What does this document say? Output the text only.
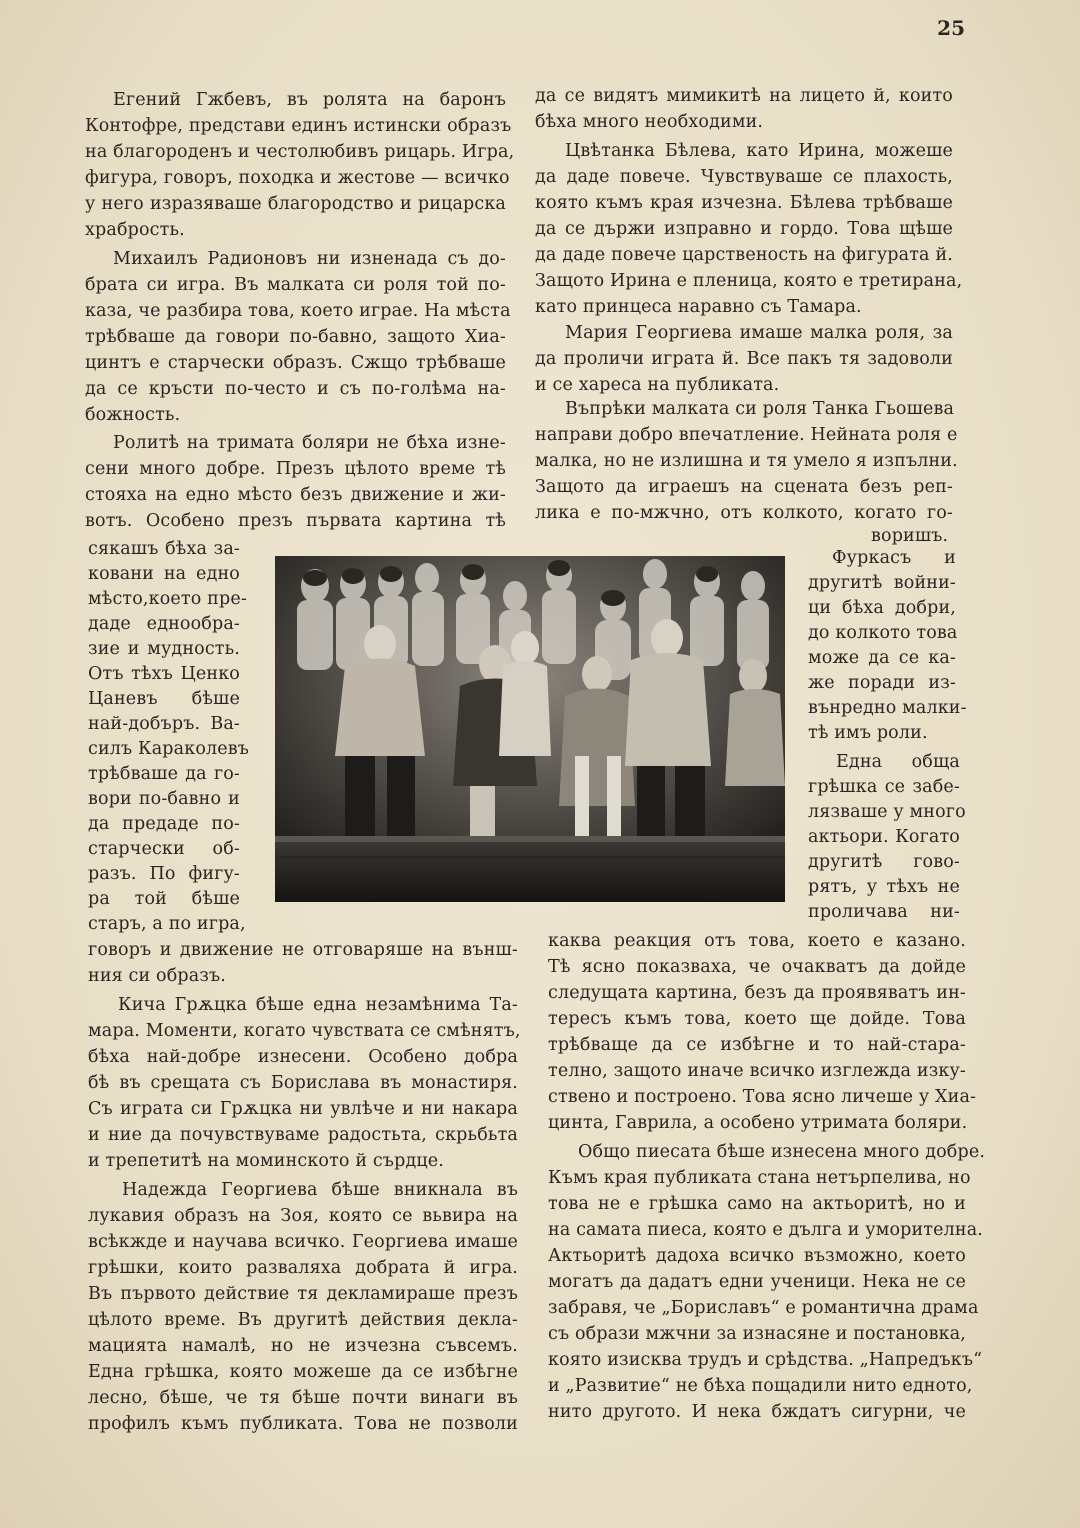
25
Егений Гжбевъ, въ ролята на баронъ
Контофре, представи единъ истински образъ
на благороденъ и честолюбивъ рицарь. Игра,
фигура, говоръ, походка и жестове — всичко
у него изразяваше благородство и рицарска
храбрость.
Михаилъ Радионовъ ни изненада съ до-
брата си игра. Въ малката си роля той по-
каза, че разбира това, което играе. На мѣста
трѣбваше да говори по-бавно, защото Хиа-
цинтъ е старчески образъ. Сжщо трѣбваше
да се кръсти по-често и съ по-голѣма на-
божность.
Ролитѣ на тримата боляри не бѣха изне-
сени много добре. Презъ цѣлото време тѣ
стояха на едно мѣсто безъ движение и жи-
вотъ. Особено презъ първата картина тѣ
сякашъ бѣха за-
ковани на едно
мѣсто,което пре-
даде еднообра-
зие и мудность.
Отъ тѣхъ Ценко
Цаневъ бѣше
най-добъръ. Ва-
силъ Караколевъ
трѣбваше да го-
вори по-бавно и
да предаде по-
старчески об-
разъ. По фигу-
ра той бѣше
старъ, а по игра,
говоръ и движение не отговаряше на външ-
ния си образъ.
Кича Грѫцка бѣше една незамѣнима Та-
мара. Моменти, когато чувствата се смѣнятъ,
бѣха най-добре изнесени. Особено добра
бѣ въ срещата съ Борислава въ монастиря.
Съ играта си Грѫцка ни увлѣче и ни накара
и ние да почувствуваме радостьта, скрьбьта
и трепетитѣ на моминското й сърдце.
Надежда Георгиева бѣше вникнала въ
лукавия образъ на Зоя, която се вьвира на
всѣкжде и научава всичко. Георгиева имаше
грѣшки, които разваляха добрата й игра.
Въ първото действие тя декламираше презъ
цѣлото време. Въ другитѣ действия декла-
мацията намалѣ, но не изчезна съвсемъ.
Една грѣшка, която можеше да се избѣгне
лесно, бѣше, че тя бѣше почти винаги въ
профилъ къмъ публиката. Това не позволи
да се видятъ мимикитѣ на лицето й, които
бѣха много необходими.
Цвѣтанка Бѣлева, като Ирина, можеше
да даде повече. Чувствуваше се плахость,
която къмъ края изчезна. Бѣлева трѣбваше
да се държи изправно и гордо. Това щѣше
да даде повече царственость на фигурата й.
Защото Ирина е пленица, която е третирана,
като принцеса наравно съ Тамара.
Мария Георгиева имаше малка роля, за
да проличи играта й. Все пакъ тя задоволи
и се хареса на публиката.
Въпрѣки малката си роля Танка Гьошева
направи добро впечатление. Нейната роля е
малка, но не излишна и тя умело я изпълни.
Защото да играешъ на сцената безъ реп-
лика е по-мжчно, отъ колкото, когато го-
воришъ.
Фуркасъ и
другитѣ войни-
ци бѣха добри,
до колкото това
може да се ка-
же поради из-
вънредно малки-
тѣ имъ роли.
Една обща
грѣшка се забе-
лязваше у много
актьори. Когато
другитѣ гово-
рятъ, у тѣхъ не
проличава ни-
каква реакция отъ това, което е казано.
Тѣ ясно показваха, че очакватъ да дойде
следущата картина, безъ да проявяватъ ин-
тересъ къмъ това, което ще дойде. Това
трѣбваще да се избѣгне и то най-стара-
телно, защото иначе всичко изглежда изку-
ствено и построено. Това ясно личеше у Хиа-
цинта, Гаврила, а особено утримата боляри.
Общо пиесата бѣше изнесена много добре.
Къмъ края публиката стана нетърпелива, но
това не е грѣшка само на актьоритѣ, но и
на самата пиеса, която е дълга и уморителна.
Актьоритѣ дадоха всичко възможно, което
могатъ да дадатъ едни ученици. Нека не се
забравя, че „Бориславъ“ е романтична драма
съ образи мжчни за изнасяне и постановка,
която изисква трудъ и срѣдства. „Напредъкъ“
и „Развитие“ не бѣха пощадили нито едното,
нито другото. И нека бждатъ сигурни, че
